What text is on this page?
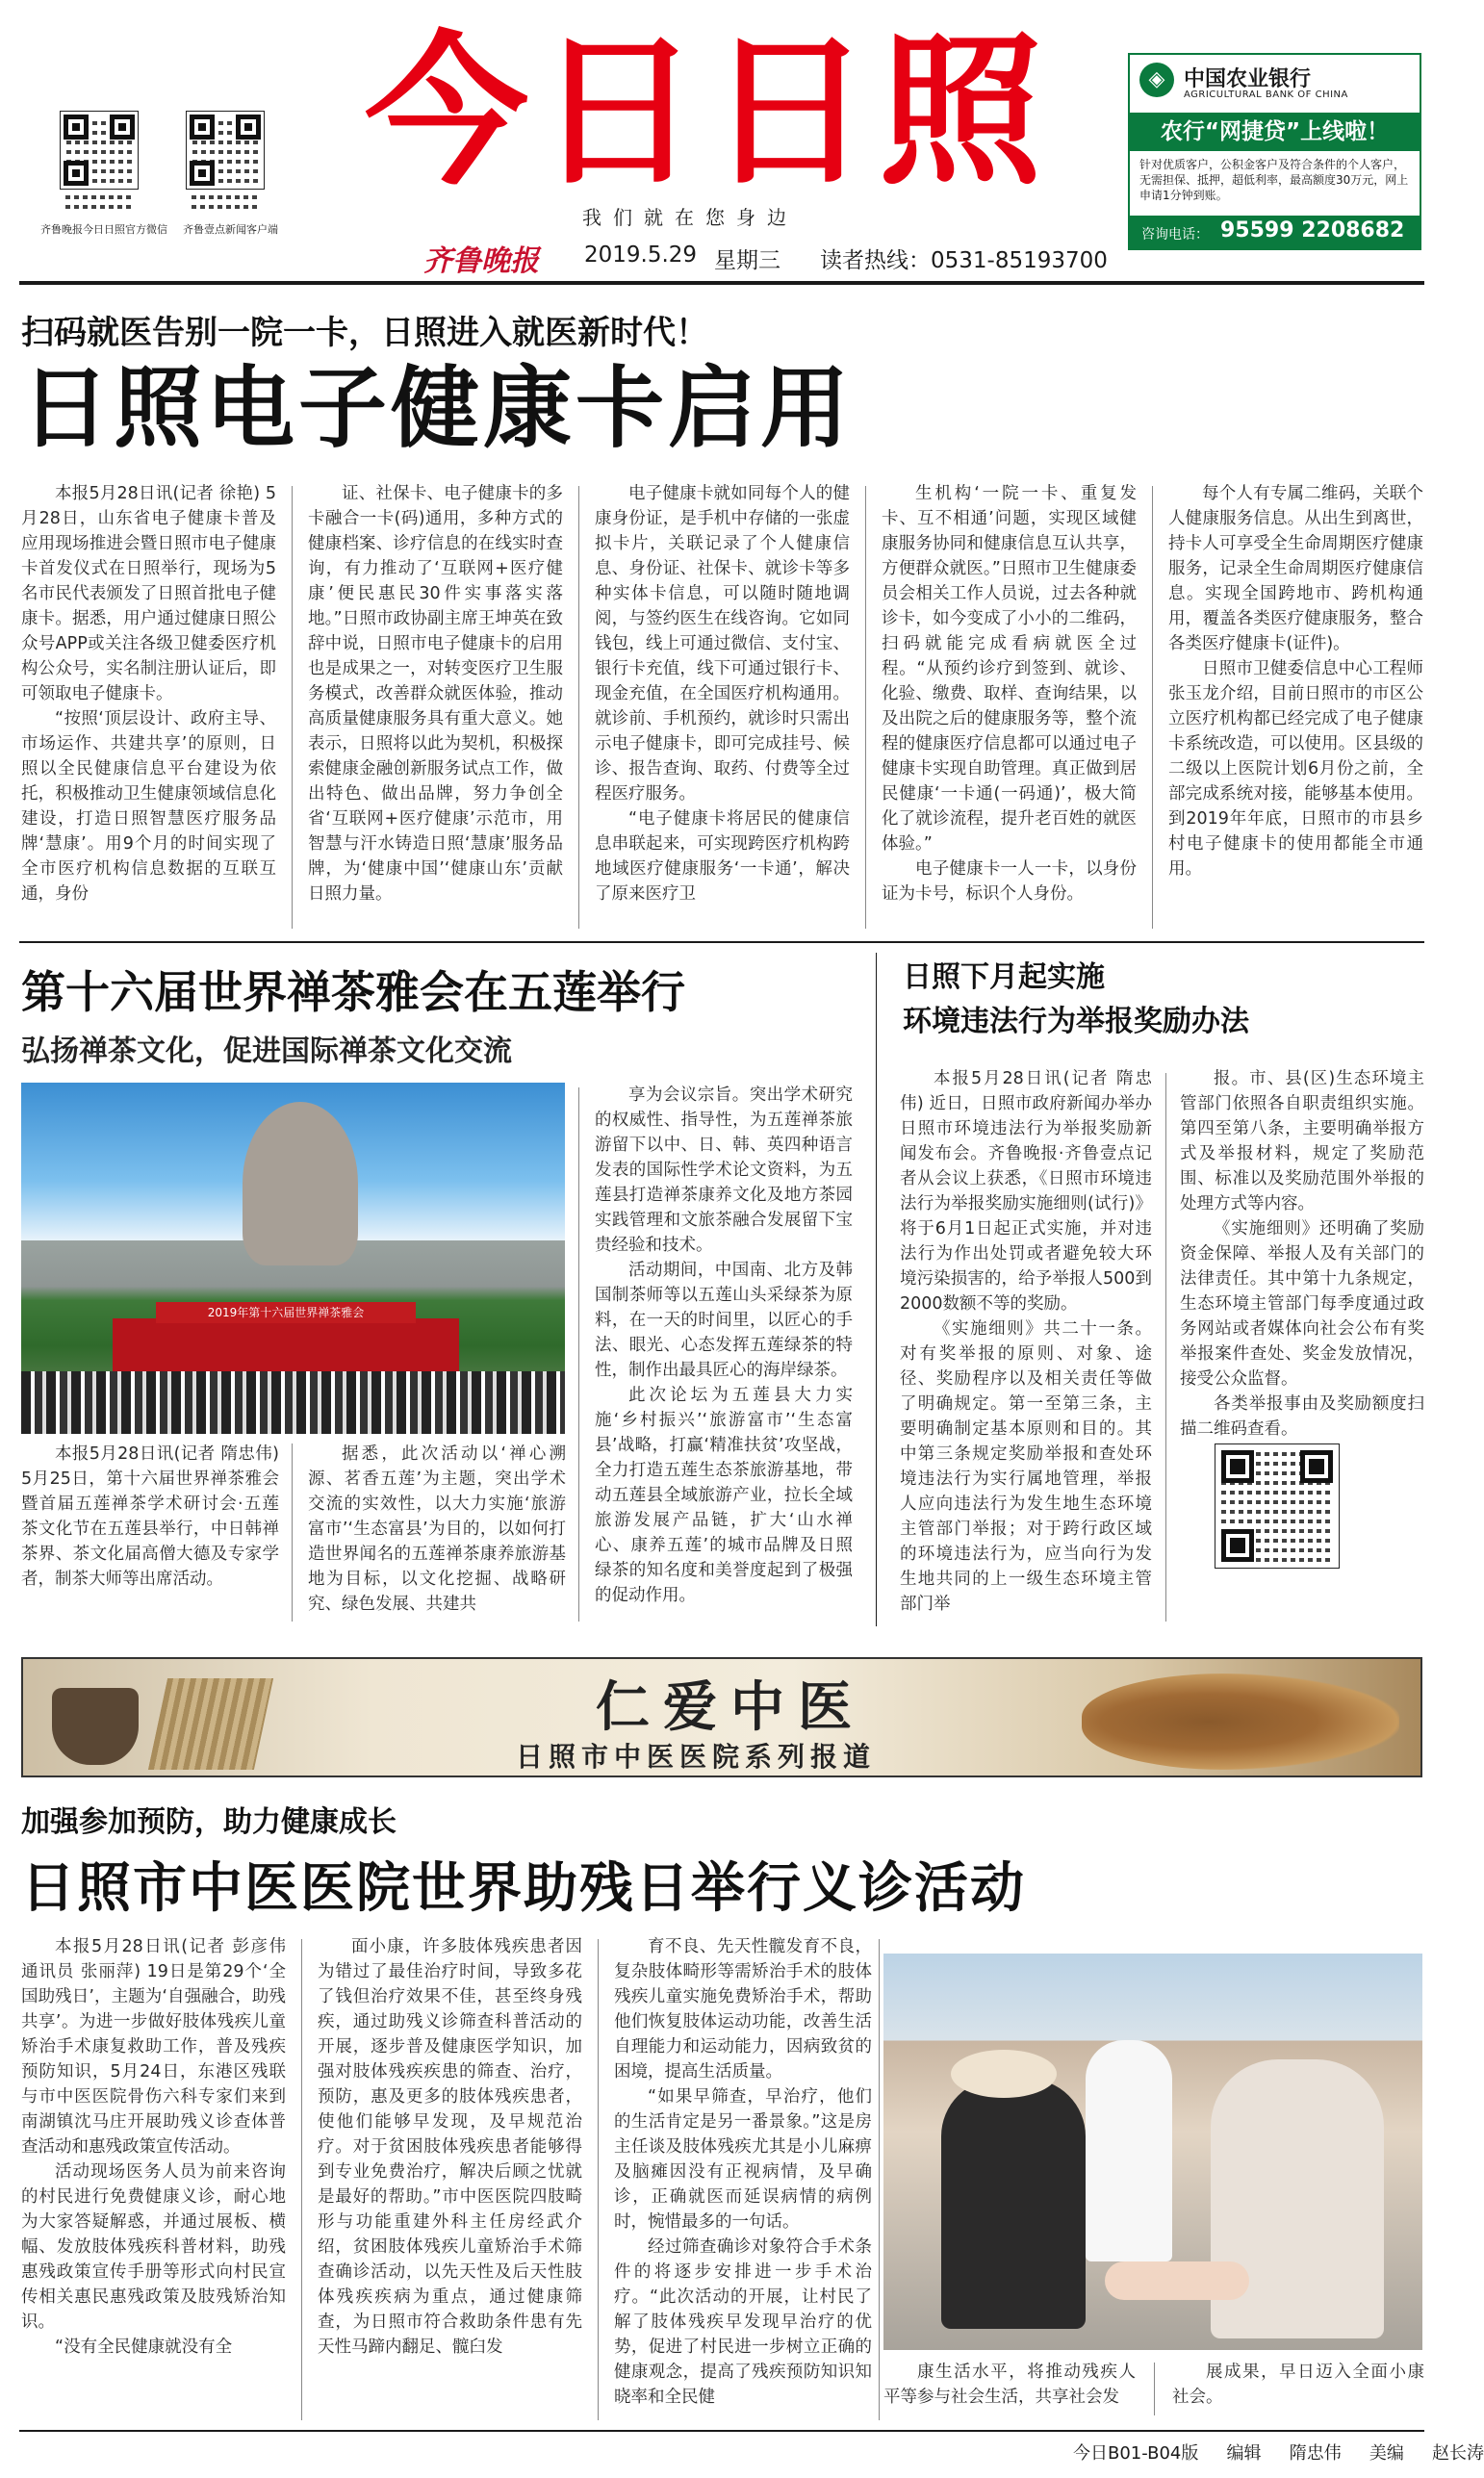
齐鲁晚报今日日照官方微信	齐鲁壹点新闻客户端
今日日照
我们就在您身边
齐鲁晚报 2019.5.29 星期三 读者热线：0531-85193700
◈ 中国农业银行
AGRICULTURAL BANK OF CHINA
农行“网捷贷”上线啦！
针对优质客户，公积金客户及符合条件的个人客户，无需担保、抵押，超低利率，最高额度30万元，网上申请1分钟到账。
咨询电话： 95599 2208682
扫码就医告别一院一卡，日照进入就医新时代！
日照电子健康卡启用

本报5月28日讯(记者 徐艳) 5月28日，山东省电子健康卡普及应用现场推进会暨日照市电子健康卡首发仪式在日照举行，现场为5名市民代表颁发了日照首批电子健康卡。据悉，用户通过健康日照公众号APP或关注各级卫健委医疗机构公众号，实名制注册认证后，即可领取电子健康卡。

“按照‘顶层设计、政府主导、市场运作、共建共享’的原则，日照以全民健康信息平台建设为依托，积极推动卫生健康领域信息化建设，打造日照智慧医疗服务品牌‘慧康’。用9个月的时间实现了全市医疗机构信息数据的互联互通，身份

证、社保卡、电子健康卡的多卡融合一卡(码)通用，多种方式的健康档案、诊疗信息的在线实时查询，有力推动了‘互联网+医疗健康’便民惠民30件实事落实落地。”日照市政协副主席王坤英在致辞中说，日照市电子健康卡的启用也是成果之一，对转变医疗卫生服务模式，改善群众就医体验，推动高质量健康服务具有重大意义。她表示，日照将以此为契机，积极探索健康金融创新服务试点工作，做出特色、做出品牌，努力争创全省‘互联网+医疗健康’示范市，用智慧与汗水铸造日照‘慧康’服务品牌，为‘健康中国’‘健康山东’贡献日照力量。

电子健康卡就如同每个人的健康身份证，是手机中存储的一张虚拟卡片，关联记录了个人健康信息、身份证、社保卡、就诊卡等多种实体卡信息，可以随时随地调阅，与签约医生在线咨询。它如同钱包，线上可通过微信、支付宝、银行卡充值，线下可通过银行卡、现金充值，在全国医疗机构通用。就诊前、手机预约，就诊时只需出示电子健康卡，即可完成挂号、候诊、报告查询、取药、付费等全过程医疗服务。

“电子健康卡将居民的健康信息串联起来，可实现跨医疗机构跨地域医疗健康服务‘一卡通’，解决了原来医疗卫

生机构‘一院一卡、重复发卡、互不相通’问题，实现区域健康服务协同和健康信息互认共享，方便群众就医。”日照市卫生健康委员会相关工作人员说，过去各种就诊卡，如今变成了小小的二维码，扫码就能完成看病就医全过程。“从预约诊疗到签到、就诊、化验、缴费、取样、查询结果，以及出院之后的健康服务等，整个流程的健康医疗信息都可以通过电子健康卡实现自助管理。真正做到居民健康‘一卡通(一码通)’，极大简化了就诊流程，提升老百姓的就医体验。”

电子健康卡一人一卡，以身份证为卡号，标识个人身份。

每个人有专属二维码，关联个人健康服务信息。从出生到离世，持卡人可享受全生命周期医疗健康服务，记录全生命周期医疗健康信息。实现全国跨地市、跨机构通用，覆盖各类医疗健康服务，整合各类医疗健康卡(证件)。

日照市卫健委信息中心工程师张玉龙介绍，目前日照市的市区公立医疗机构都已经完成了电子健康卡系统改造，可以使用。区县级的二级以上医院计划6月份之前，全部完成系统对接，能够基本使用。到2019年年底，日照市的市县乡村电子健康卡的使用都能全市通用。

第十六届世界禅茶雅会在五莲举行
弘扬禅茶文化，促进国际禅茶文化交流
2019年第十六届世界禅茶雅会

本报5月28日讯(记者 隋忠伟) 5月25日，第十六届世界禅茶雅会暨首届五莲禅茶学术研讨会·五莲茶文化节在五莲县举行，中日韩禅茶界、茶文化届高僧大德及专家学者，制茶大师等出席活动。

据悉，此次活动以‘禅心溯源、茗香五莲’为主题，突出学术交流的实效性，以大力实施‘旅游富市’‘生态富县’为目的，以如何打造世界闻名的五莲禅茶康养旅游基地为目标，以文化挖掘、战略研究、绿色发展、共建共

享为会议宗旨。突出学术研究的权威性、指导性，为五莲禅茶旅游留下以中、日、韩、英四种语言发表的国际性学术论文资料，为五莲县打造禅茶康养文化及地方茶园实践管理和文旅茶融合发展留下宝贵经验和技术。

活动期间，中国南、北方及韩国制茶师等以五莲山头采绿茶为原料，在一天的时间里，以匠心的手法、眼光、心态发挥五莲绿茶的特性，制作出最具匠心的海岸绿茶。

此次论坛为五莲县大力实施‘乡村振兴’‘旅游富市’‘生态富县’战略，打赢‘精准扶贫’攻坚战，全力打造五莲生态茶旅游基地，带动五莲县全域旅游产业，拉长全域旅游发展产品链，扩大‘山水禅心、康养五莲’的城市品牌及日照绿茶的知名度和美誉度起到了极强的促动作用。

日照下月起实施
环境违法行为举报奖励办法

本报5月28日讯(记者 隋忠伟) 近日，日照市政府新闻办举办日照市环境违法行为举报奖励新闻发布会。齐鲁晚报·齐鲁壹点记者从会议上获悉，《日照市环境违法行为举报奖励实施细则(试行)》将于6月1日起正式实施，并对违法行为作出处罚或者避免较大环境污染损害的，给予举报人500到2000数额不等的奖励。

《实施细则》共二十一条。对有奖举报的原则、对象、途径、奖励程序以及相关责任等做了明确规定。第一至第三条，主要明确制定基本原则和目的。其中第三条规定奖励举报和查处环境违法行为实行属地管理，举报人应向违法行为发生地生态环境主管部门举报；对于跨行政区域的环境违法行为，应当向行为发生地共同的上一级生态环境主管部门举

报。市、县(区)生态环境主管部门依照各自职责组织实施。第四至第八条，主要明确举报方式及举报材料，规定了奖励范围、标准以及奖励范围外举报的处理方式等内容。

《实施细则》还明确了奖励资金保障、举报人及有关部门的法律责任。其中第十九条规定，生态环境主管部门每季度通过政务网站或者媒体向社会公布有奖举报案件查处、奖金发放情况，接受公众监督。

各类举报事由及奖励额度扫描二维码查看。

仁爱中医
日照市中医医院系列报道
加强参加预防，助力健康成长
日照市中医医院世界助残日举行义诊活动

本报5月28日讯(记者 彭彦伟 通讯员 张丽萍) 19日是第29个‘全国助残日’，主题为‘自强融合，助残共享’。为进一步做好肢体残疾儿童矫治手术康复救助工作，普及残疾预防知识，5月24日，东港区残联与市中医医院骨伤六科专家们来到南湖镇沈马庄开展助残义诊查体普查活动和惠残政策宣传活动。

活动现场医务人员为前来咨询的村民进行免费健康义诊，耐心地为大家答疑解惑，并通过展板、横幅、发放肢体残疾科普材料，助残惠残政策宣传手册等形式向村民宣传相关惠民惠残政策及肢残矫治知识。

“没有全民健康就没有全

面小康，许多肢体残疾患者因为错过了最佳治疗时间，导致多花了钱但治疗效果不佳，甚至终身残疾，通过助残义诊筛查科普活动的开展，逐步普及健康医学知识，加强对肢体残疾疾患的筛查、治疗，预防，惠及更多的肢体残疾患者，使他们能够早发现，及早规范治疗。对于贫困肢体残疾患者能够得到专业免费治疗，解决后顾之忧就是最好的帮助。”市中医医院四肢畸形与功能重建外科主任房经武介绍，贫困肢体残疾儿童矫治手术筛查确诊活动，以先天性及后天性肢体残疾疾病为重点，通过健康筛查，为日照市符合救助条件患有先天性马蹄内翻足、髋臼发

育不良、先天性髋发育不良，复杂肢体畸形等需矫治手术的肢体残疾儿童实施免费矫治手术，帮助他们恢复肢体运动功能，改善生活自理能力和运动能力，因病致贫的困境，提高生活质量。

“如果早筛查，早治疗，他们的生活肯定是另一番景象。”这是房主任谈及肢体残疾尤其是小儿麻痹及脑瘫因没有正视病情，及早确诊，正确就医而延误病情的病例时，惋惜最多的一句话。

经过筛查确诊对象符合手术条件的将逐步安排进一步手术治疗。“此次活动的开展，让村民了解了肢体残疾早发现早治疗的优势，促进了村民进一步树立正确的健康观念，提高了残疾预防知识知晓率和全民健

康生活水平，将推动残疾人平等参与社会生活，共享社会发

展成果，早日迈入全面小康社会。

今日B01-B04版 编辑 隋忠伟 美编 赵长涛
